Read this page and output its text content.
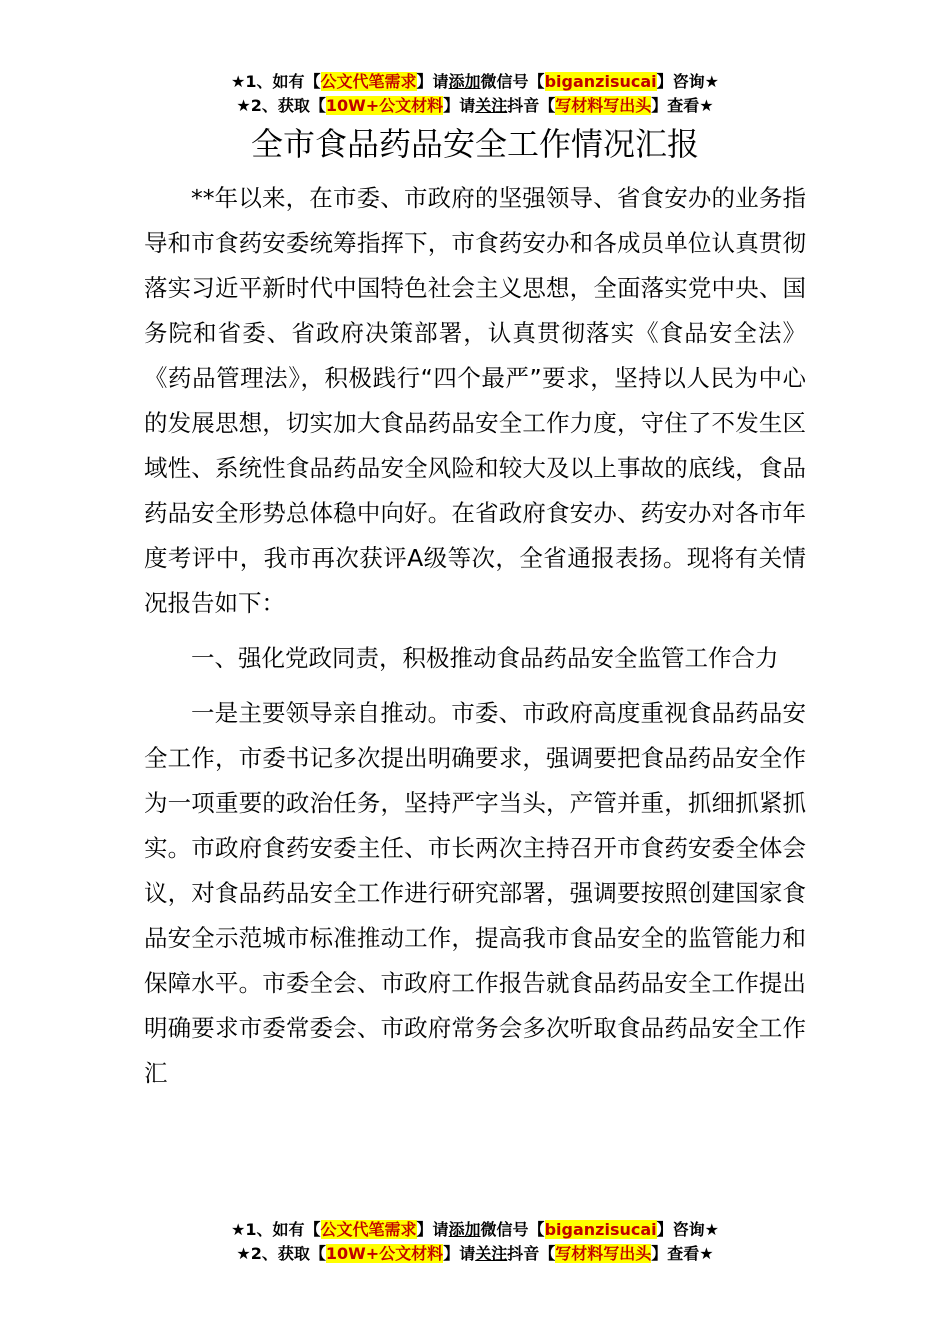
★1、如有【公文代笔需求】请添加微信号【biganzisucai】咨询★
★2、获取【10W+公文材料】请关注抖音【写材料写出头】查看★
全市食品药品安全工作情况汇报

**年以来，在市委、市政府的坚强领导、省食安办的业务指导和市食药安委统筹指挥下，市食药安办和各成员单位认真贯彻落实习近平新时代中国特色社会主义思想，全面落实党中央、国务院和省委、省政府决策部署，认真贯彻落实《食品安全法》《药品管理法》，积极践行“四个最严”要求，坚持以人民为中心的发展思想，切实加大食品药品安全工作力度，守住了不发生区域性、系统性食品药品安全风险和较大及以上事故的底线，食品药品安全形势总体稳中向好。在省政府食安办、药安办对各市年度考评中，我市再次获评A级等次，全省通报表扬。现将有关情况报告如下：

一、强化党政同责，积极推动食品药品安全监管工作合力

一是主要领导亲自推动。市委、市政府高度重视食品药品安全工作，市委书记多次提出明确要求，强调要把食品药品安全作为一项重要的政治任务，坚持严字当头，产管并重，抓细抓紧抓实。市政府食药安委主任、市长两次主持召开市食药安委全体会议，对食品药品安全工作进行研究部署，强调要按照创建国家食品安全示范城市标准推动工作，提高我市食品安全的监管能力和保障水平。市委全会、市政府工作报告就食品药品安全工作提出明确要求市委常委会、市政府常务会多次听取食品药品安全工作汇

★1、如有【公文代笔需求】请添加微信号【biganzisucai】咨询★
★2、获取【10W+公文材料】请关注抖音【写材料写出头】查看★
